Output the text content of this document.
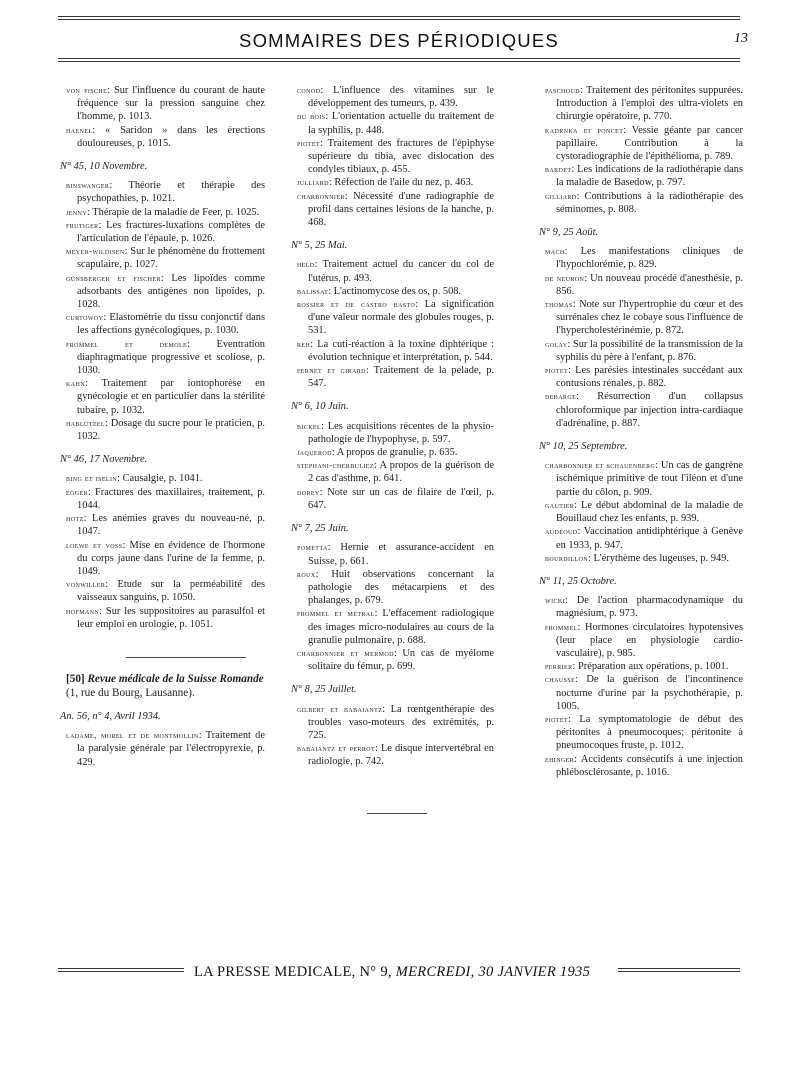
SOMMAIRES DES PÉRIODIQUES	13
von fische: Sur l'influence du courant de haute fréquence sur la pression sanguine chez l'homme, p. 1013.
haenel: « Saridon » dans les érections douloureuses, p. 1015.
N° 45, 10 Novembre.
binswanger: Théorie et thérapie des psychopathies, p. 1021.
jenny: Thérapie de la maladie de Feer, p. 1025.
frutiger: Les fractures-luxations complètes de l'articulation de l'épaule, p. 1026.
meyer-wildisen: Sur le phénomène du frottement scapulaire, p. 1027.
günsberger et fischer: Les lipoïdes comme adsorbants des antigènes non lipoïdes, p. 1028.
curtowoy: Elastométrie du tissu conjonctif dans les affections gynécologiques, p. 1030.
frommel et demole: Eventration diaphragmatique progressive et scoliose, p. 1030.
kahn: Traitement par iontophorèse en gynécologie et en particulier dans la stérilité tubaire, p. 1032.
hablützel: Dosage du sucre pour le praticien, p. 1032.
N° 46, 17 Novembre.
bing et iselin: Causalgie, p. 1041.
egger: Fractures des maxillaires, traitement, p. 1044.
hotz: Les anémies graves du nouveau-né, p. 1047.
loewe et voss: Mise en évidence de l'hormone du corps jaune dans l'urine de la femme, p. 1049.
vonwiller: Etude sur la perméabilité des vaisseaux sanguins, p. 1050.
hofmann: Sur les suppositoires au parasulfol et leur emploi en urologie, p. 1051.
[50] Revue médicale de la Suisse Romande (1, rue du Bourg, Lausanne).
An. 56, n° 4, Avril 1934.
ladame, morel et de montmollin: Traitement de la paralysie générale par l'électropyrexie, p. 429.
conod: L'influence des vitamines sur le développement des tumeurs, p. 439.
du bois: L'orientation actuelle du traitement de la syphilis, p. 448.
piotet: Traitement des fractures de l'épiphyse supérieure du tibia, avec dislocation des condyles tibiaux, p. 455.
julliard: Réfection de l'aile du nez, p. 463.
charbonnier: Nécessité d'une radiographie de profil dans certaines lésions de la hanche, p. 468.
N° 5, 25 Mai.
held: Traitement actuel du cancer du col de l'utérus, p. 493.
balissat: L'actinomycose des os, p. 508.
rossier et de castro basto: La signification d'une valeur normale des globules rouges, p. 531.
reh: La cuti-réaction à la toxine diphtérique : évolution technique et interprétation, p. 544.
fernet et girard: Traitement de la pelade, p. 547.
N° 6, 10 Juin.
bickel: Les acquisitions récentes de la physio-pathologie de l'hypophyse, p. 597.
jaquerod: A propos de granulie, p. 635.
stephani-cherbuliez: A propos de la guérison de 2 cas d'asthme, p. 641.
dorey: Note sur un cas de filaire de l'œil, p. 647.
N° 7, 25 Juin.
pometta: Hernie et assurance-accident en Suisse, p. 661.
roux: Huit observations concernant la pathologie des métacarpiens et des phalanges, p. 679.
frommel et métral: L'effacement radiologique des images micro-nodulaires au cours de la granulie pulmonaire, p. 688.
charbonnier et mermod: Un cas de myélome solitaire du fémur, p. 699.
N° 8, 25 Juillet.
gilbert et babaiantz: La rœntgenthérapie des troubles vaso-moteurs des extrémités, p. 725.
babaiantz et perrot: Le disque intervertébral en radiologie, p. 742.
paschoud: Traitement des péritonites suppurées. Introduction à l'emploi des ultra-violets en chirurgie opératoire, p. 770.
kadrnka et poncet: Vessie géante par cancer papillaire. Contribution à la cystoradiographie de l'épithélioma, p. 789.
bardet: Les indications de la radiothérapie dans la maladie de Basedow, p. 797.
gilliard: Contributions à la radiothérapie des séminomes, p. 808.
N° 9, 25 Août.
mach: Les manifestations cliniques de l'hypochlorémie, p. 829.
de neuron: Un nouveau procédé d'anesthésie, p. 856.
thomas: Note sur l'hypertrophie du cœur et des surrénales chez le cobaye sous l'influence de l'hypercholestérinémie, p. 872.
golay: Sur la possibilité de la transmission de la syphilis du père à l'enfant, p. 876.
piotet: Les parésies intestinales succédant aux contusions rénales, p. 882.
debarge: Résurrection d'un collapsus chloroformique par injection intra-cardiaque d'adrénaline, p. 887.
N° 10, 25 Septembre.
charbonnier et schauenberg: Un cas de gangrène ischémique primitive de tout l'iléon et d'une partie du côlon, p. 909.
gautier: Le début abdominal de la maladie de Bouillaud chez les enfants, p. 939.
audéoud: Vaccination antidiphtérique à Genève en 1933, p. 947.
bourdillon: L'érythème des lugeuses, p. 949.
N° 11, 25 Octobre.
wicki: De l'action pharmacodynamique du magnésium, p. 973.
frommel: Hormones circulatoires hypotensives (leur place en physiologie cardio-vasculaire), p. 985.
perrier: Préparation aux opérations, p. 1001.
chausse: De la guérison de l'incontinence nocturne d'urine par la psychothérapie, p. 1005.
piotet: La symptomatologie de début des péritonites à pneumocoques; péritonite à pneumocoques fruste, p. 1012.
ehinger: Accidents consécutifs à une injection phlébosclérosante, p. 1016.
LA PRESSE MEDICALE, N° 9, MERCREDI, 30 JANVIER 1935
